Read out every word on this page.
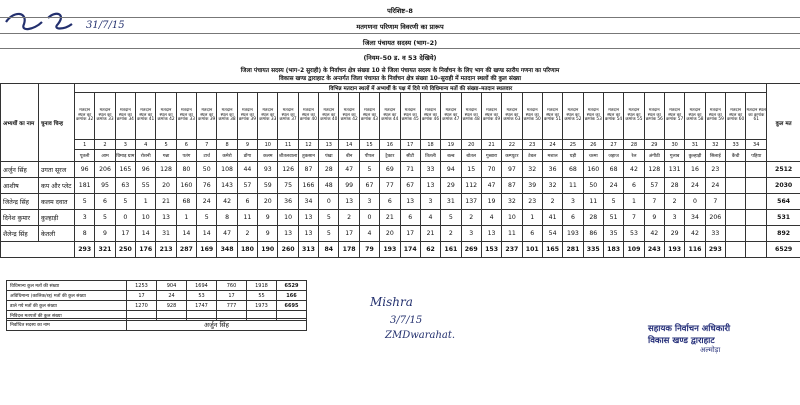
परिशिष्ट–8
मतगणना परिणाम विवरणी का प्रारूप
जिला पंचायत सदस्य (भाग–2)
(नियम–50 ड. व 53 देखिये)
जिला पंचायत सदस्य (भाग–2 सुराही) के निर्वाचन क्षेत्र संख्या 10 से जिला पंचायत सदस्य के निर्वाचन के लिए भाग की खण्ड स्तरीय गणना का परिणाम
विकास खण्ड द्वाराहाट के अन्तर्गत जिला पंचायत के निर्वाचन क्षेत्र संख्या 10–सुराही में मतदान स्थलों की कुल संख्या
अभ्यर्थी का नाम	चुनाव चिन्ह	विभिन्न मतदान स्थलों में अभ्यर्थी के पक्ष में दिये गये विधिमान्य मतों की संख्या–मतदान स्थलवार																																		कुल मत
		मतदान स्थल का क्रमांक 32	मतदान स्थल का क्रमांक 33	मतदान स्थल का क्रमांक 34	मतदान स्थल का क्रमांक 41	मतदान स्थल का क्रमांक 42	मतदान स्थल का क्रमांक 33	मतदान स्थल का क्रमांक 39	मतदान स्थल का क्रमांक 38	मतदान स्थल का क्रमांक 39	मतदान स्थल का क्रमांक 33	मतदान स्थल का क्रमांक 37	मतदान स्थल का क्रमांक 40	मतदान स्थल का क्रमांक 40	मतदान स्थल का क्रमांक 42	मतदान स्थल का क्रमांक 43	मतदान स्थल का क्रमांक 44	मतदान स्थल का क्रमांक 45	मतदान स्थल का क्रमांक 46	मतदान स्थल का क्रमांक 47	मतदान स्थल का क्रमांक 48	मतदान स्थल का क्रमांक 49	मतदान स्थल का क्रमांक 63	मतदान स्थल का क्रमांक 50	मतदान स्थल का क्रमांक 51	मतदान स्थल का क्रमांक 52	मतदान स्थल का क्रमांक 53	मतदान स्थल का क्रमांक 54	मतदान स्थल का क्रमांक 55	मतदान स्थल का क्रमांक 56	मतदान स्थल का क्रमांक 57	मतदान स्थल का क्रमांक 58	मतदान स्थल का क्रमांक 59	मतदान स्थल का क्रमांक 60	मतदान स्थल का क्रमांक 61	
		1	2	3	4	5	6	7	8	9	10	11	12	13	14	15	16	17	18	19	20	21	22	23	24	25	26	27	28	29	30	31	32	33	34	
		पूतली	आम	विमाड़ ग्राम	रोशनी	गन्ना	पतंग	टार्च	कमेरो	डोंगा	कलम	शीतलवाला	तुकसान	पंखा	बीन	पीपल	ट्रैक्टर	सीटी	तितली	बल्ब	बोतल	गुब्बारा	कम्प्यूटर	टेबल	मशाल	घड़ी	चश्मा	जहाज	रेल	अंगीठी	गुलाब	कुल्हाड़ी	सिलाई	कैंची	पहिया	
अर्जुन सिंह	उगता सूरज	96	206	165	96	128	80	50	108	44	93	126	87	28	47	5	69	71	33	94	15	70	97	32	36	68	160	68	42	128	131	16	23			2512
आशीष	कप और प्लेट	181	95	63	55	20	160	76	143	57	59	75	166	48	99	67	77	67	13	29	112	47	87	39	32	11	50	24	6	57	28	24	24			2030
जितेन्द्र सिंह	कलम दवात	5	6	5	1	21	68	24	42	6	20	36	34	0	13	3	6	13	3	31	137	19	32	23	2	3	11	5	1	7	2	0	7			564
दिनेश कुमार	कुल्हाड़ी	3	5	0	10	13	1	5	8	11	9	10	13	5	2	0	21	6	4	5	2	4	10	1	41	6	28	51	7	9	3	34	206			531
शैलेन्द्र सिंह	केतली	8	9	17	14	31	14	14	47	2	9	13	13	5	17	4	20	17	21	2	3	13	11	6	54	193	86	35	53	42	29	42	33			892
		293	321	250	176	213	287	169	348	180	190	260	313	84	178	79	193	174	62	161	269	153	237	101	165	281	335	183	109	243	193	116	293			6529
विधिमान्य कुल मतों की संख्या	1253	904	1694	760	1918	6529
अविधिमान्य (कालिक/रद्द) मतों की कुल संख्या	17	24	53	17	55	166
डाले गये मतों की कुल संख्या	1270	928	1747	777	1973	6695
निविदत्त मतपत्रों की कुल संख्या						
निर्वाचित सदस्य का नाम	अर्जुन सिंह
Mishra
3/7/15
ZMDwarahat.
31/7/15
सहायक निर्वाचन अधिकारी
विकास खण्ड द्वाराहाट
अल्मोड़ा
